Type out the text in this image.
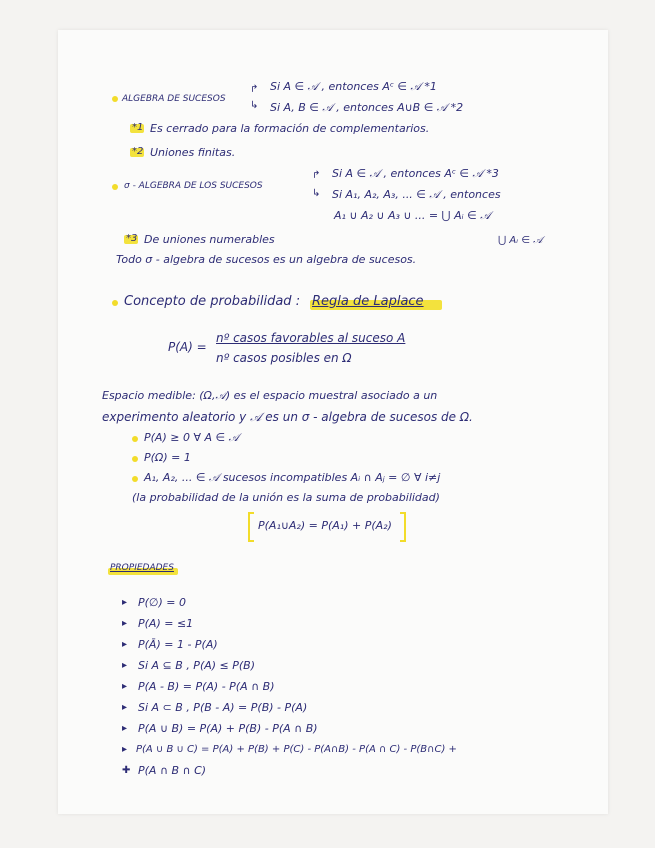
ALGEBRA DE SUCESOS
↱
↳
Si A ∈ 𝒜 , entonces Aᶜ ∈ 𝒜 *1
Si A, B ∈ 𝒜 , entonces A∪B ∈ 𝒜 *2
*1 Es cerrado para la formación de complementarios.
*2 Uniones finitas.
σ - ALGEBRA DE LOS SUCESOS
↱
↳
Si A ∈ 𝒜 , entonces Aᶜ ∈ 𝒜 *3
Si A₁, A₂, A₃, ... ∈ 𝒜 , entonces
A₁ ∪ A₂ ∪ A₃ ∪ ... = ⋃ Aᵢ ∈ 𝒜
*3 De uniones numerables	⋃ Aᵢ ∈ 𝒜
Todo σ - algebra de sucesos es un algebra de sucesos.
Concepto de probabilidad : Regla de Laplace
P(A) =
nº casos favorables al suceso A
nº casos posibles en Ω
Espacio medible: (Ω,𝒜) es el espacio muestral asociado a un
experimento aleatorio y 𝒜 es un σ - algebra de sucesos de Ω.
P(A) ≥ 0 ∀ A ∈ 𝒜
P(Ω) = 1
A₁, A₂, ... ∈ 𝒜 sucesos incompatibles Aᵢ ∩ Aⱼ = ∅ ∀ i≠j
(la probabilidad de la unión es la suma de probabilidad)
P(A₁∪A₂) = P(A₁) + P(A₂)
PROPIEDADES
▸ P(∅) = 0
▸ P(A) = ≤1
▸ P(Ā) = 1 - P(A)
▸ Si A ⊆ B , P(A) ≤ P(B)
▸ P(A - B) = P(A) - P(A ∩ B)
▸ Si A ⊂ B , P(B - A) = P(B) - P(A)
▸ P(A ∪ B) = P(A) + P(B) - P(A ∩ B)
▸ P(A ∪ B ∪ C) = P(A) + P(B) + P(C) - P(A∩B) - P(A ∩ C) - P(B∩C) +
✚ P(A ∩ B ∩ C)
